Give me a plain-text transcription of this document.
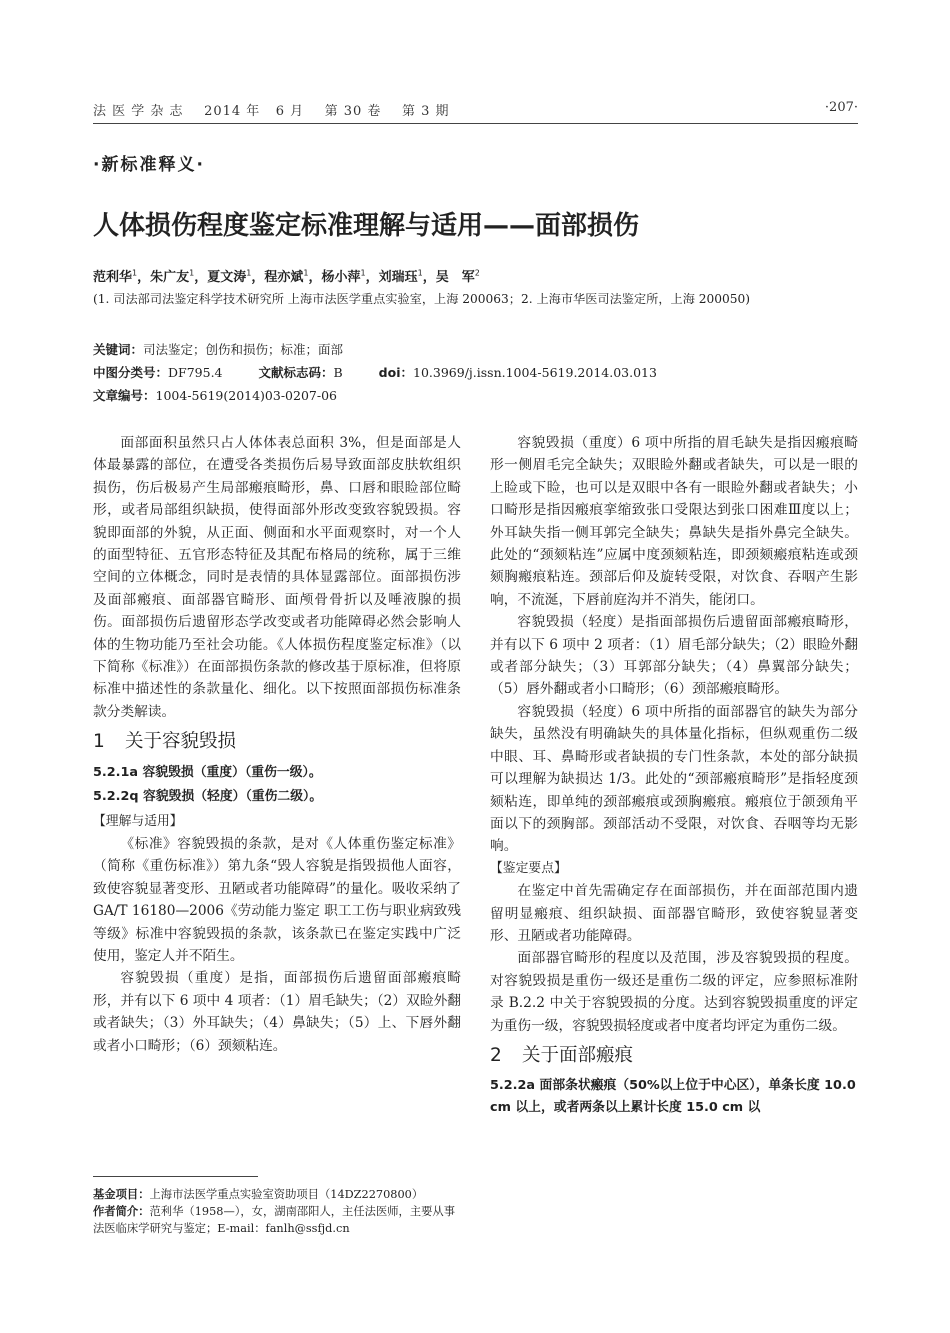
法 医 学 杂 志 2014 年 6 月 第 30 卷 第 3 期	·207·
·新标准释义·
人体损伤程度鉴定标准理解与适用——面部损伤
范利华$^1$，朱广友$^1$，夏文涛$^1$，程亦斌$^1$，杨小萍$^1$，刘瑞珏$^1$，吴　军$^2$
(1. 司法部司法鉴定科学技术研究所 上海市法医学重点实验室，上海 200063；2. 上海市华医司法鉴定所，上海 200050)
关键词：司法鉴定；创伤和损伤；标准；面部
中图分类号：DF795.4	文献标志码：B	doi：10.3969/j.issn.1004-5619.2014.03.013
文章编号：1004-5619(2014)03-0207-06

面部面积虽然只占人体体表总面积 3%，但是面部是人体最暴露的部位，在遭受各类损伤后易导致面部皮肤软组织损伤，伤后极易产生局部瘢痕畸形，鼻、口唇和眼睑部位畸形，或者局部组织缺损，使得面部外形改变致容貌毁损。容貌即面部的外貌，从正面、侧面和水平面观察时，对一个人的面型特征、五官形态特征及其配布格局的统称，属于三维空间的立体概念，同时是表情的具体显露部位。面部损伤涉及面部瘢痕、面部器官畸形、面颅骨骨折以及唾液腺的损伤。面部损伤后遗留形态学改变或者功能障碍必然会影响人体的生物功能乃至社会功能。《人体损伤程度鉴定标准》（以下简称《标准》）在面部损伤条款的修改基于原标准，但将原标准中描述性的条款量化、细化。以下按照面部损伤标准条款分类解读。

1 关于容貌毁损
5.2.1a 容貌毁损（重度）（重伤一级）。
5.2.2q 容貌毁损（轻度）（重伤二级）。

【理解与适用】

《标准》容貌毁损的条款，是对《人体重伤鉴定标准》（简称《重伤标准》）第九条“毁人容貌是指毁损他人面容，致使容貌显著变形、丑陋或者功能障碍”的量化。吸收采纳了 GA/T 16180—2006《劳动能力鉴定 职工工伤与职业病致残等级》标准中容貌毁损的条款，该条款已在鉴定实践中广泛使用，鉴定人并不陌生。

容貌毁损（重度）是指，面部损伤后遗留面部瘢痕畸形，并有以下 6 项中 4 项者：（1）眉毛缺失；（2）双睑外翻或者缺失；（3）外耳缺失；（4）鼻缺失；（5）上、下唇外翻或者小口畸形；（6）颈颏粘连。

容貌毁损（重度）6 项中所指的眉毛缺失是指因瘢痕畸形一侧眉毛完全缺失；双眼睑外翻或者缺失，可以是一眼的上睑或下睑，也可以是双眼中各有一眼睑外翻或者缺失；小口畸形是指因瘢痕挛缩致张口受限达到张口困难Ⅲ度以上；外耳缺失指一侧耳郭完全缺失；鼻缺失是指外鼻完全缺失。此处的“颈颏粘连”应属中度颈颏粘连，即颈颏瘢痕粘连或颈颏胸瘢痕粘连。颈部后仰及旋转受限，对饮食、吞咽产生影响，不流涎，下唇前庭沟并不消失，能闭口。

容貌毁损（轻度）是指面部损伤后遗留面部瘢痕畸形，并有以下 6 项中 2 项者：（1）眉毛部分缺失；（2）眼睑外翻或者部分缺失；（3）耳郭部分缺失；（4）鼻翼部分缺失；（5）唇外翻或者小口畸形；（6）颈部瘢痕畸形。

容貌毁损（轻度）6 项中所指的面部器官的缺失为部分缺失，虽然没有明确缺失的具体量化指标，但纵观重伤二级中眼、耳、鼻畸形或者缺损的专门性条款，本处的部分缺损可以理解为缺损达 1/3。此处的“颈部瘢痕畸形”是指轻度颈颏粘连，即单纯的颈部瘢痕或颈胸瘢痕。瘢痕位于颌颈角平面以下的颈胸部。颈部活动不受限，对饮食、吞咽等均无影响。

【鉴定要点】

在鉴定中首先需确定存在面部损伤，并在面部范围内遗留明显瘢痕、组织缺损、面部器官畸形，致使容貌显著变形、丑陋或者功能障碍。

面部器官畸形的程度以及范围，涉及容貌毁损的程度。对容貌毁损是重伤一级还是重伤二级的评定，应参照标准附录 B.2.2 中关于容貌毁损的分度。达到容貌毁损重度的评定为重伤一级，容貌毁损轻度或者中度者均评定为重伤二级。

2 关于面部瘢痕
5.2.2a 面部条状瘢痕（50%以上位于中心区），单条长度 10.0 cm 以上，或者两条以上累计长度 15.0 cm 以

基金项目：上海市法医学重点实验室资助项目（14DZ2270800）

作者简介：范利华（1958—），女，湖南邵阳人，主任法医师，主要从事法医临床学研究与鉴定；E-mail：fanlh@ssfjd.cn
